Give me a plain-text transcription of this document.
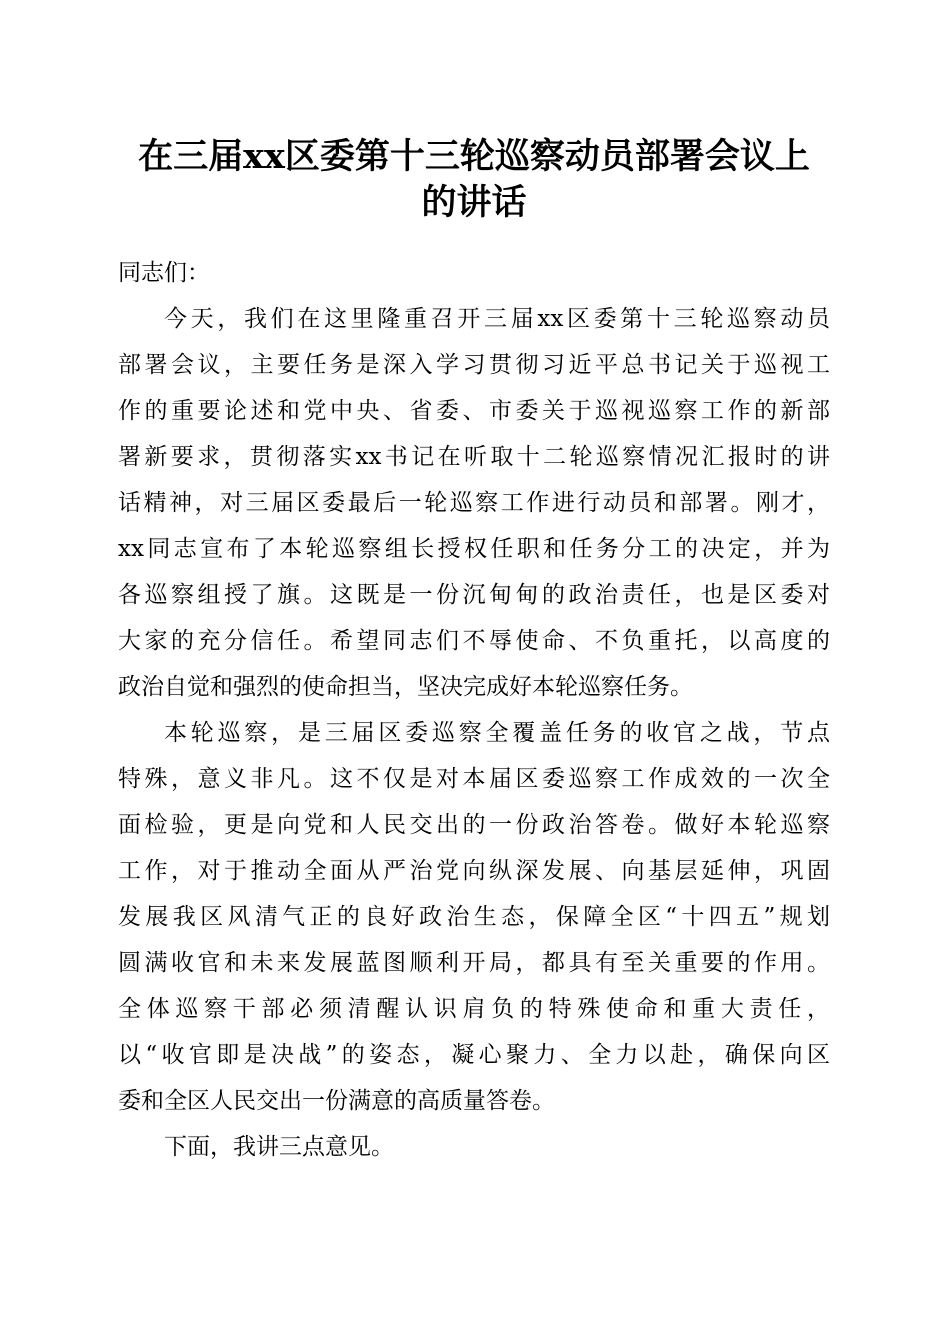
在三届xx区委第十三轮巡察动员部署会议上
的讲话
同志们：
今天，我们在这里隆重召开三届xx区委第十三轮巡察动员
部署会议，主要任务是深入学习贯彻习近平总书记关于巡视工
作的重要论述和党中央、省委、市委关于巡视巡察工作的新部
署新要求，贯彻落实xx书记在听取十二轮巡察情况汇报时的讲
话精神，对三届区委最后一轮巡察工作进行动员和部署。刚才，
xx同志宣布了本轮巡察组长授权任职和任务分工的决定，并为
各巡察组授了旗。这既是一份沉甸甸的政治责任，也是区委对
大家的充分信任。希望同志们不辱使命、不负重托，以高度的
政治自觉和强烈的使命担当，坚决完成好本轮巡察任务。
本轮巡察，是三届区委巡察全覆盖任务的收官之战，节点
特殊，意义非凡。这不仅是对本届区委巡察工作成效的一次全
面检验，更是向党和人民交出的一份政治答卷。做好本轮巡察
工作，对于推动全面从严治党向纵深发展、向基层延伸，巩固
发展我区风清气正的良好政治生态，保障全区“十四五”规划
圆满收官和未来发展蓝图顺利开局，都具有至关重要的作用。
全体巡察干部必须清醒认识肩负的特殊使命和重大责任，
以“收官即是决战”的姿态，凝心聚力、全力以赴，确保向区
委和全区人民交出一份满意的高质量答卷。
下面，我讲三点意见。
